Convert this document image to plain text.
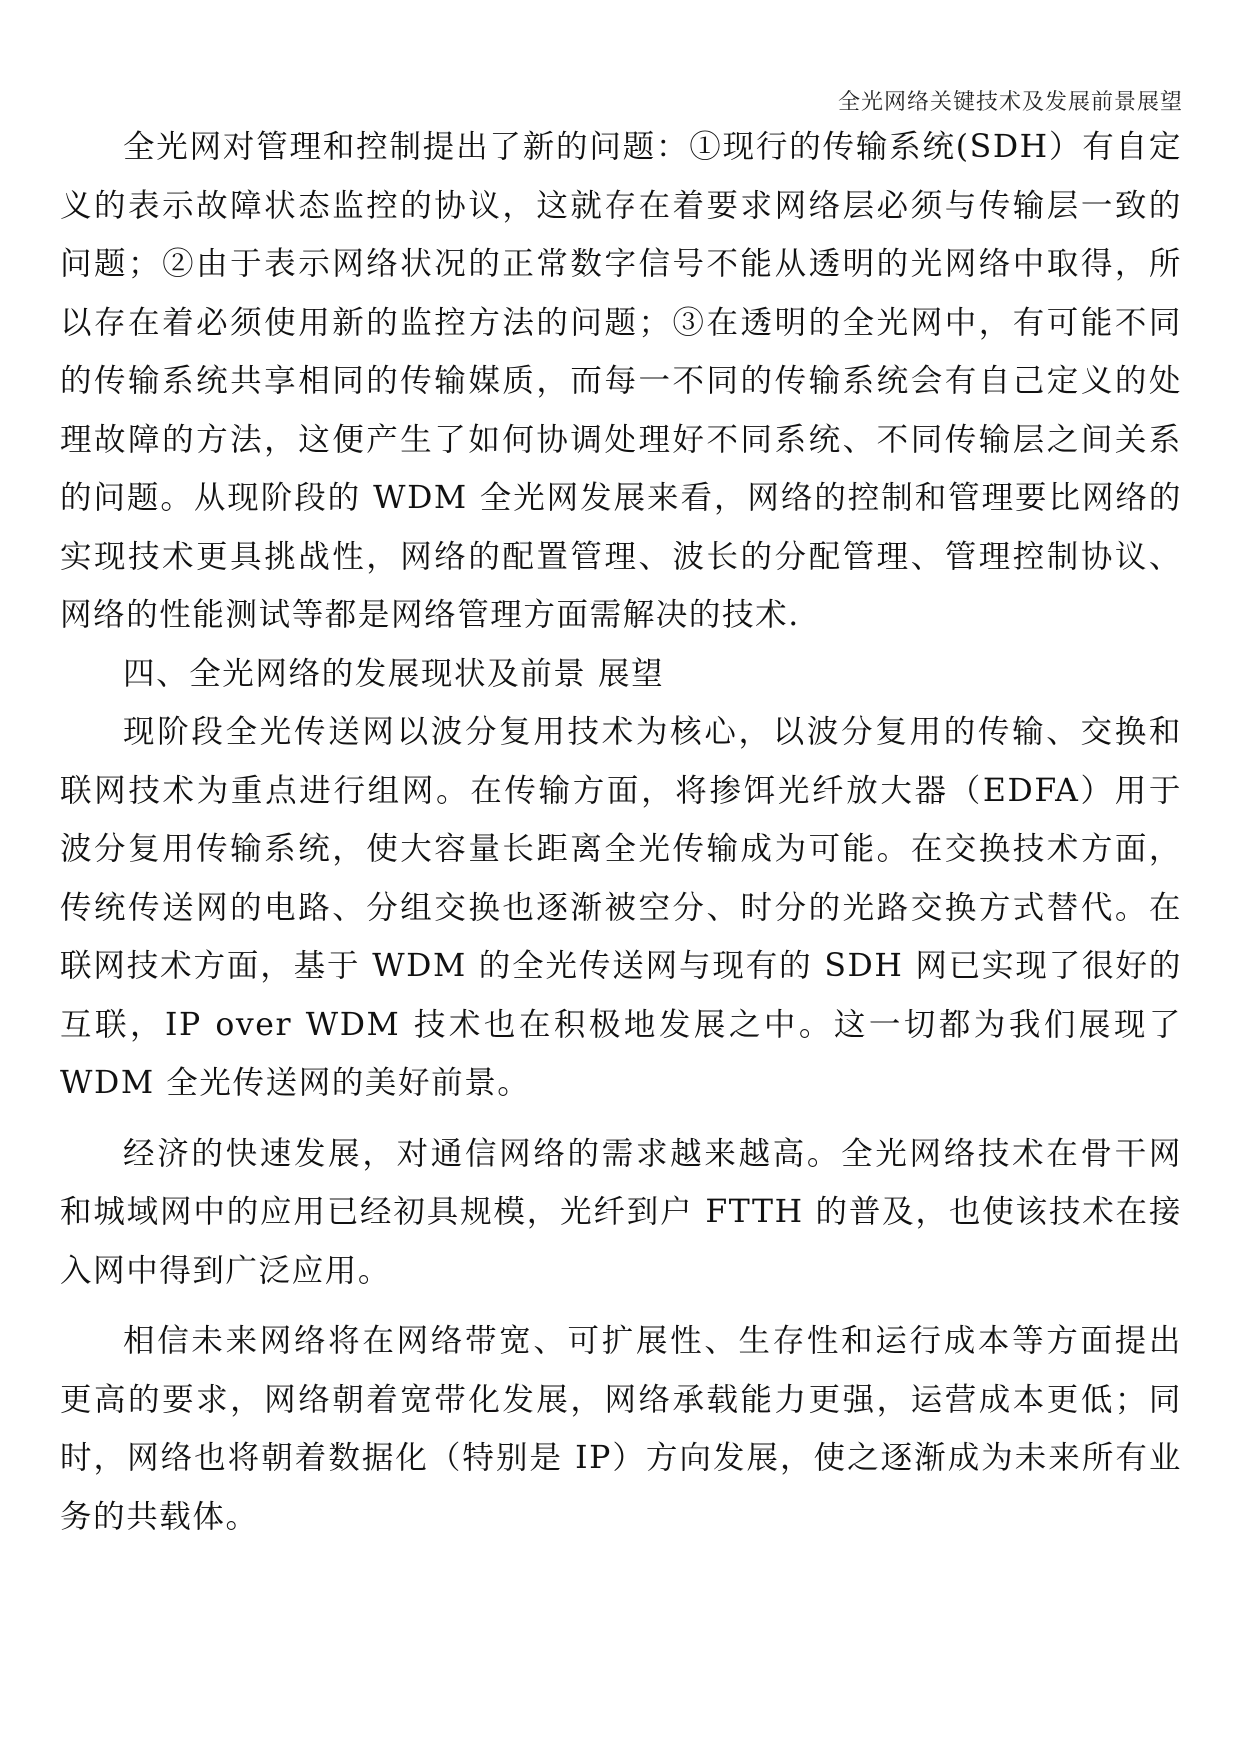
全光网络关键技术及发展前景展望

全光网对管理和控制提出了新的问题：①现行的传输系统(SDH）有自定义的表示故障状态监控的协议，这就存在着要求网络层必须与传输层一致的问题；②由于表示网络状况的正常数字信号不能从透明的光网络中取得，所以存在着必须使用新的监控方法的问题；③在透明的全光网中，有可能不同的传输系统共享相同的传输媒质，而每一不同的传输系统会有自己定义的处理故障的方法，这便产生了如何协调处理好不同系统、不同传输层之间关系的问题。从现阶段的 WDM 全光网发展来看，网络的控制和管理要比网络的实现技术更具挑战性，网络的配置管理、波长的分配管理、管理控制协议、网络的性能测试等都是网络管理方面需解决的技术.

四、全光网络的发展现状及前景 展望

现阶段全光传送网以波分复用技术为核心，以波分复用的传输、交换和联网技术为重点进行组网。在传输方面，将掺饵光纤放大器（EDFA）用于波分复用传输系统，使大容量长距离全光传输成为可能。在交换技术方面，传统传送网的电路、分组交换也逐渐被空分、时分的光路交换方式替代。在联网技术方面，基于 WDM 的全光传送网与现有的 SDH 网已实现了很好的互联，IP over WDM 技术也在积极地发展之中。这一切都为我们展现了 WDM 全光传送网的美好前景。

经济的快速发展，对通信网络的需求越来越高。全光网络技术在骨干网和城域网中的应用已经初具规模，光纤到户 FTTH 的普及，也使该技术在接入网中得到广泛应用。

相信未来网络将在网络带宽、可扩展性、生存性和运行成本等方面提出更高的要求，网络朝着宽带化发展，网络承载能力更强，运营成本更低；同时，网络也将朝着数据化（特别是 IP）方向发展，使之逐渐成为未来所有业务的共载体。
